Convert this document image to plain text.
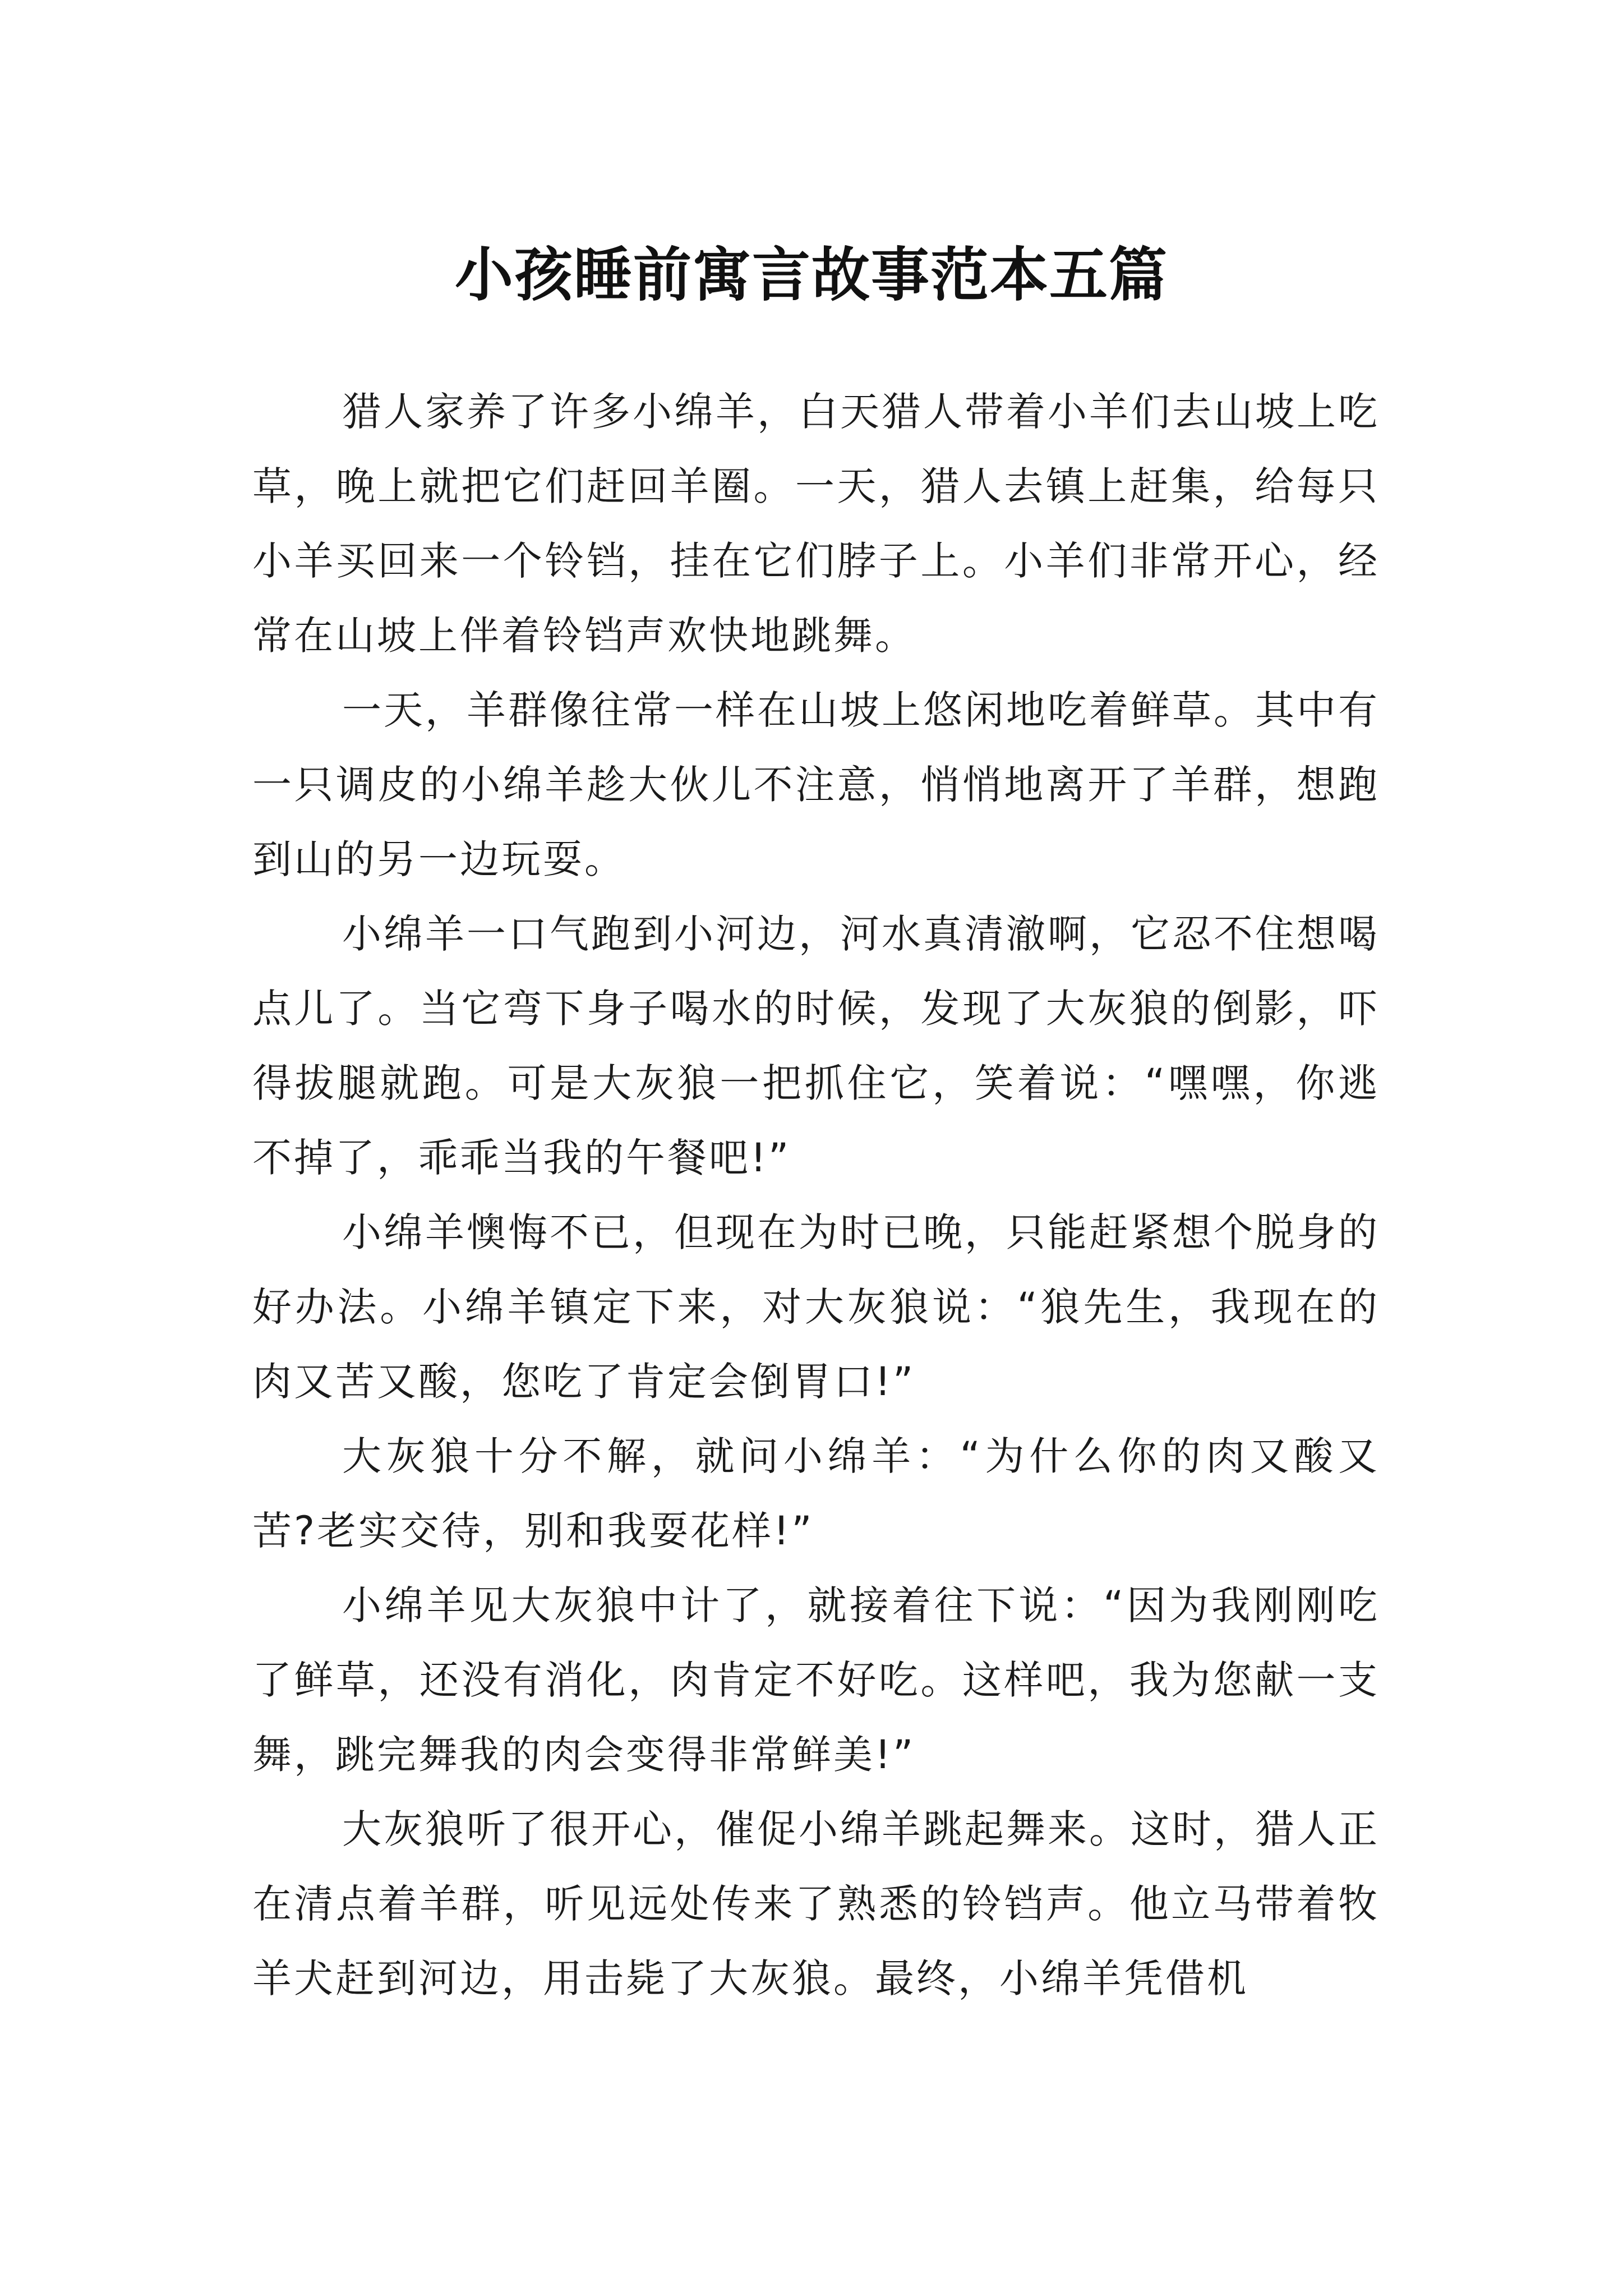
小孩睡前寓言故事范本五篇

猎人家养了许多小绵羊，白天猎人带着小羊们去山坡上吃草，晚上就把它们赶回羊圈。一天，猎人去镇上赶集，给每只小羊买回来一个铃铛，挂在它们脖子上。小羊们非常开心，经常在山坡上伴着铃铛声欢快地跳舞。

一天，羊群像往常一样在山坡上悠闲地吃着鲜草。其中有一只调皮的小绵羊趁大伙儿不注意，悄悄地离开了羊群，想跑到山的另一边玩耍。

小绵羊一口气跑到小河边，河水真清澈啊，它忍不住想喝点儿了。当它弯下身子喝水的时候，发现了大灰狼的倒影，吓得拔腿就跑。可是大灰狼一把抓住它，笑着说：“嘿嘿，你逃不掉了，乖乖当我的午餐吧!”

小绵羊懊悔不已，但现在为时已晚，只能赶紧想个脱身的好办法。小绵羊镇定下来，对大灰狼说：“狼先生，我现在的肉又苦又酸，您吃了肯定会倒胃口!”

大灰狼十分不解，就问小绵羊：“为什么你的肉又酸又苦?老实交待，别和我耍花样!”

小绵羊见大灰狼中计了，就接着往下说：“因为我刚刚吃了鲜草，还没有消化，肉肯定不好吃。这样吧，我为您献一支舞，跳完舞我的肉会变得非常鲜美!”

大灰狼听了很开心，催促小绵羊跳起舞来。这时，猎人正在清点着羊群，听见远处传来了熟悉的铃铛声。他立马带着牧羊犬赶到河边，用击毙了大灰狼。最终，小绵羊凭借机
